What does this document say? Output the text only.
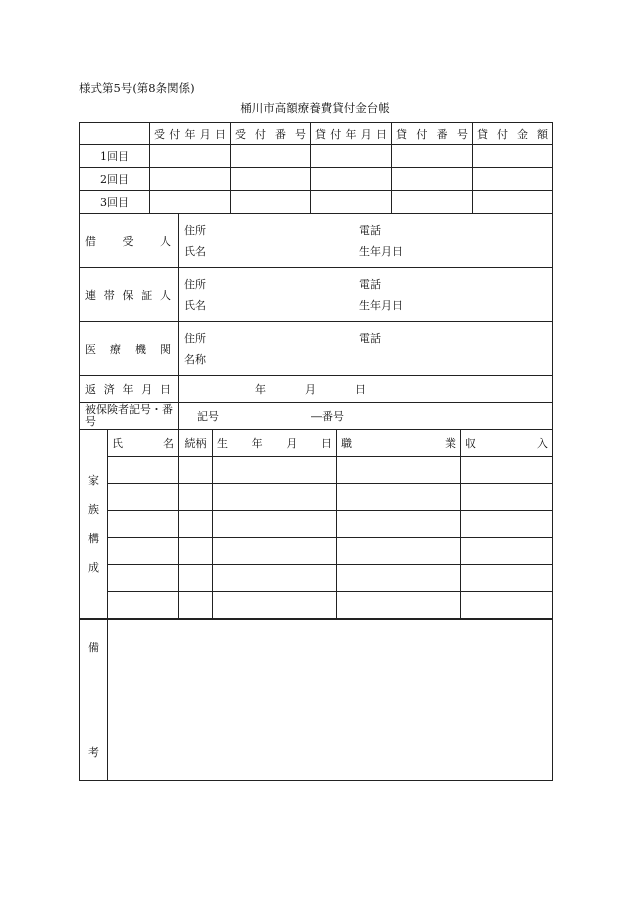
様式第5号(第8条関係)
桶川市高額療養費貸付金台帳
	受付年月日	受付番号	貸付年月日	貸付番号	貸付金額
1回目					
2回目					
3回目					
借受人	住所 電話
氏名 生年月日

連帯保証人	住所 電話
氏名 生年月日

医療機関	住所 電話
名称

返済年月日	年 月 日
被保険者記号・番号	記号 ―番号
家
族
構
成	氏名	続柄	生年月日	職業	収入

備
考
